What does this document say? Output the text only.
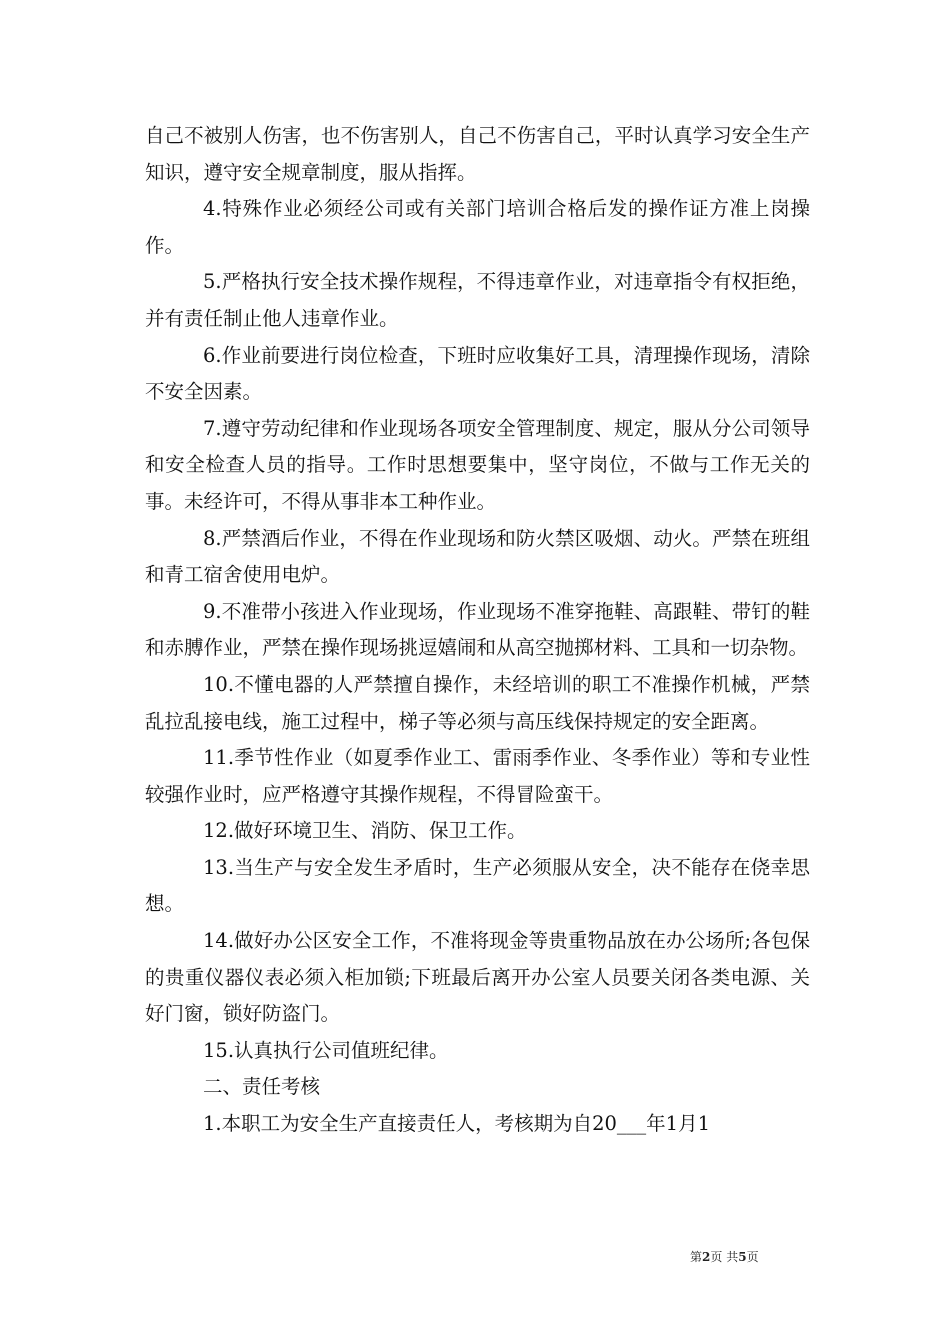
自己不被别人伤害，也不伤害别人，自己不伤害自己，平时认真学习安全生产知识，遵守安全规章制度，服从指挥。

4.特殊作业必须经公司或有关部门培训合格后发的操作证方准上岗操作。

5.严格执行安全技术操作规程，不得违章作业，对违章指令有权拒绝，并有责任制止他人违章作业。

6.作业前要进行岗位检查，下班时应收集好工具，清理操作现场，清除不安全因素。

7.遵守劳动纪律和作业现场各项安全管理制度、规定，服从分公司领导和安全检查人员的指导。工作时思想要集中，坚守岗位，不做与工作无关的事。未经许可，不得从事非本工种作业。

8.严禁酒后作业，不得在作业现场和防火禁区吸烟、动火。严禁在班组和青工宿舍使用电炉。

9.不准带小孩进入作业现场，作业现场不准穿拖鞋、高跟鞋、带钉的鞋和赤膊作业，严禁在操作现场挑逗嬉闹和从高空抛掷材料、工具和一切杂物。

10.不懂电器的人严禁擅自操作，未经培训的职工不准操作机械，严禁乱拉乱接电线，施工过程中，梯子等必须与高压线保持规定的安全距离。

11.季节性作业（如夏季作业工、雷雨季作业、冬季作业）等和专业性较强作业时，应严格遵守其操作规程，不得冒险蛮干。

12.做好环境卫生、消防、保卫工作。

13.当生产与安全发生矛盾时，生产必须服从安全，决不能存在侥幸思想。

14.做好办公区安全工作，不准将现金等贵重物品放在办公场所;各包保的贵重仪器仪表必须入柜加锁;下班最后离开办公室人员要关闭各类电源、关好门窗，锁好防盗门。

15.认真执行公司值班纪律。

二、责任考核

1.本职工为安全生产直接责任人，考核期为自20___年1月1

第2页 共5页
